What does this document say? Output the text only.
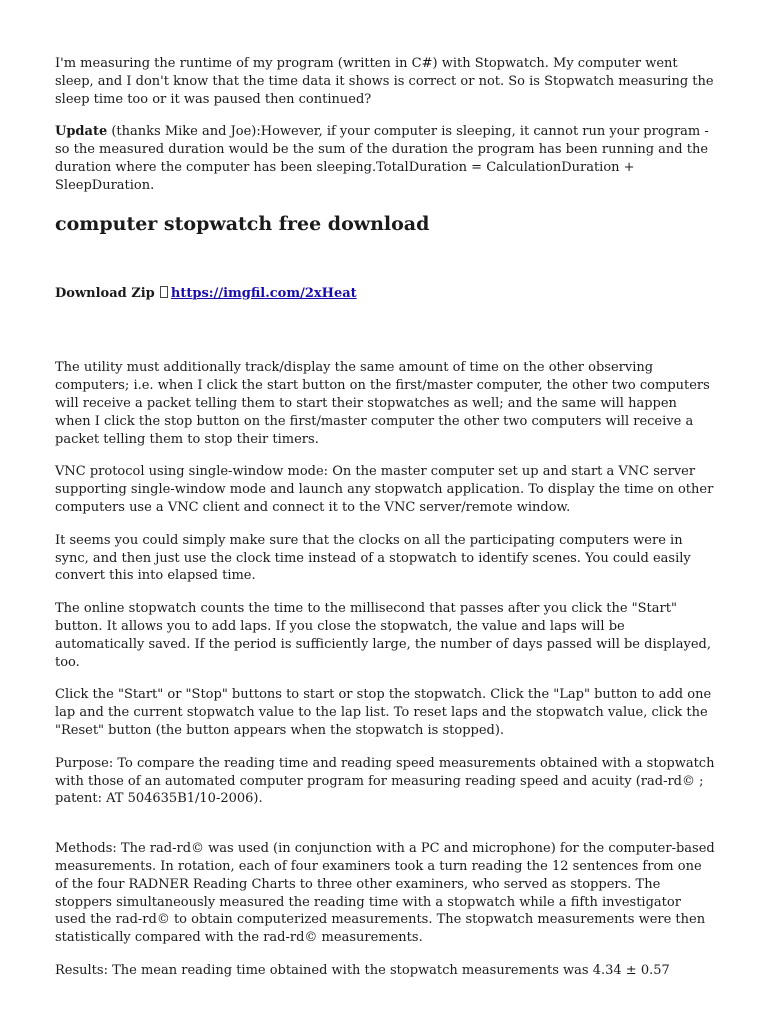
I'm measuring the runtime of my program (written in C#) with Stopwatch. My computer went sleep, and I don't know that the time data it shows is correct or not. So is Stopwatch measuring the sleep time too or it was paused then continued?

Update (thanks Mike and Joe):However, if your computer is sleeping, it cannot run your program - so the measured duration would be the sum of the duration the program has been running and the duration where the computer has been sleeping.TotalDuration = CalculationDuration + SleepDuration.

computer stopwatch free download

Download Zip https://imgfil.com/2xHeat

The utility must additionally track/display the same amount of time on the other observing computers; i.e. when I click the start button on the first/master computer, the other two computers will receive a packet telling them to start their stopwatches as well; and the same will happen when I click the stop button on the first/master computer the other two computers will receive a packet telling them to stop their timers.

VNC protocol using single-window mode: On the master computer set up and start a VNC server supporting single-window mode and launch any stopwatch application. To display the time on other computers use a VNC client and connect it to the VNC server/remote window.

It seems you could simply make sure that the clocks on all the participating computers were in sync, and then just use the clock time instead of a stopwatch to identify scenes. You could easily convert this into elapsed time.

The online stopwatch counts the time to the millisecond that passes after you click the "Start" button. It allows you to add laps. If you close the stopwatch, the value and laps will be automatically saved. If the period is sufficiently large, the number of days passed will be displayed, too.

Click the "Start" or "Stop" buttons to start or stop the stopwatch. Click the "Lap" button to add one lap and the current stopwatch value to the lap list. To reset laps and the stopwatch value, click the "Reset" button (the button appears when the stopwatch is stopped).

Purpose: To compare the reading time and reading speed measurements obtained with a stopwatch with those of an automated computer program for measuring reading speed and acuity (rad-rd© ; patent: AT 504635B1/10-2006).

Methods: The rad-rd© was used (in conjunction with a PC and microphone) for the computer-based measurements. In rotation, each of four examiners took a turn reading the 12 sentences from one of the four RADNER Reading Charts to three other examiners, who served as stoppers. The stoppers simultaneously measured the reading time with a stopwatch while a fifth investigator used the rad-rd© to obtain computerized measurements. The stopwatch measurements were then statistically compared with the rad-rd© measurements.

Results: The mean reading time obtained with the stopwatch measurements was 4.34 ± 0.57
